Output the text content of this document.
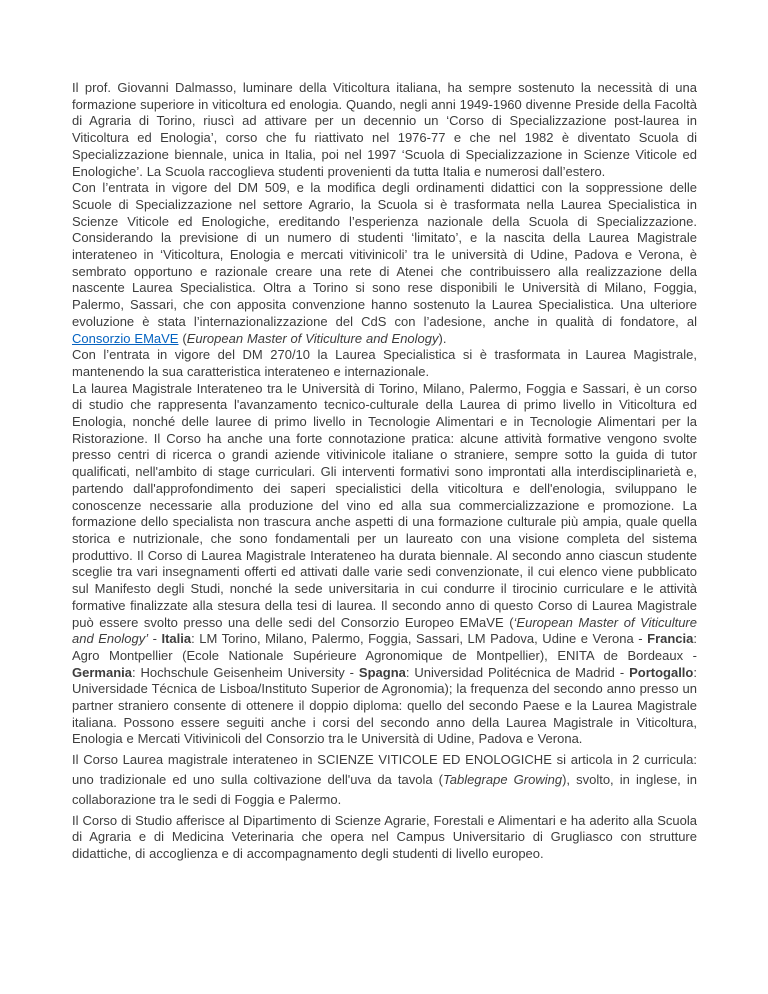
Il prof. Giovanni Dalmasso, luminare della Viticoltura italiana, ha sempre sostenuto la necessità di una formazione superiore in viticoltura ed enologia. Quando, negli anni 1949-1960 divenne Preside della Facoltà di Agraria di Torino, riuscì ad attivare per un decennio un ‘Corso di Specializzazione post-laurea in Viticoltura ed Enologia’, corso che fu riattivato nel 1976-77 e che nel 1982 è diventato Scuola di Specializzazione biennale, unica in Italia, poi nel 1997 ‘Scuola di Specializzazione in Scienze Viticole ed Enologiche’. La Scuola raccoglieva studenti provenienti da tutta Italia e numerosi dall’estero.

Con l’entrata in vigore del DM 509, e la modifica degli ordinamenti didattici con la soppressione delle Scuole di Specializzazione nel settore Agrario, la Scuola si è trasformata nella Laurea Specialistica in Scienze Viticole ed Enologiche, ereditando l’esperienza nazionale della Scuola di Specializzazione. Considerando la previsione di un numero di studenti ‘limitato’, e la nascita della Laurea Magistrale interateneo in ‘Viticoltura, Enologia e mercati vitivinicoli’ tra le università di Udine, Padova e Verona, è sembrato opportuno e razionale creare una rete di Atenei che contribuissero alla realizzazione della nascente Laurea Specialistica. Oltra a Torino si sono rese disponibili le Università di Milano, Foggia, Palermo, Sassari, che con apposita convenzione hanno sostenuto la Laurea Specialistica. Una ulteriore evoluzione è stata l’internazionalizzazione del CdS con l’adesione, anche in qualità di fondatore, al Consorzio EMaVE (European Master of Viticulture and Enology).

Con l’entrata in vigore del DM 270/10 la Laurea Specialistica si è trasformata in Laurea Magistrale, mantenendo la sua caratteristica interateneo e internazionale.

La laurea Magistrale Interateneo tra le Università di Torino, Milano, Palermo, Foggia e Sassari, è un corso di studio che rappresenta l'avanzamento tecnico-culturale della Laurea di primo livello in Viticoltura ed Enologia, nonché delle lauree di primo livello in Tecnologie Alimentari e in Tecnologie Alimentari per la Ristorazione. Il Corso ha anche una forte connotazione pratica: alcune attività formative vengono svolte presso centri di ricerca o grandi aziende vitivinicole italiane o straniere, sempre sotto la guida di tutor qualificati, nell'ambito di stage curriculari. Gli interventi formativi sono improntati alla interdisciplinarietà e, partendo dall'approfondimento dei saperi specialistici della viticoltura e dell'enologia, sviluppano le conoscenze necessarie alla produzione del vino ed alla sua commercializzazione e promozione. La formazione dello specialista non trascura anche aspetti di una formazione culturale più ampia, quale quella storica e nutrizionale, che sono fondamentali per un laureato con una visione completa del sistema produttivo. Il Corso di Laurea Magistrale Interateneo ha durata biennale. Al secondo anno ciascun studente sceglie tra vari insegnamenti offerti ed attivati dalle varie sedi convenzionate, il cui elenco viene pubblicato sul Manifesto degli Studi, nonché la sede universitaria in cui condurre il tirocinio curriculare e le attività formative finalizzate alla stesura della tesi di laurea. Il secondo anno di questo Corso di Laurea Magistrale può essere svolto presso una delle sedi del Consorzio Europeo EMaVE (‘European Master of Viticulture and Enology’ - Italia: LM Torino, Milano, Palermo, Foggia, Sassari, LM Padova, Udine e Verona - Francia: Agro Montpellier (Ecole Nationale Supérieure Agronomique de Montpellier), ENITA de Bordeaux - Germania: Hochschule Geisenheim University - Spagna: Universidad Politécnica de Madrid - Portogallo: Universidade Técnica de Lisboa/Instituto Superior de Agronomia); la frequenza del secondo anno presso un partner straniero consente di ottenere il doppio diploma: quello del secondo Paese e la Laurea Magistrale italiana. Possono essere seguiti anche i corsi del secondo anno della Laurea Magistrale in Viticoltura, Enologia e Mercati Vitivinicoli del Consorzio tra le Università di Udine, Padova e Verona.

Il Corso Laurea magistrale interateneo in SCIENZE VITICOLE ED ENOLOGICHE si articola in 2 curricula: uno tradizionale ed uno sulla coltivazione dell'uva da tavola (Tablegrape Growing), svolto, in inglese, in collaborazione tra le sedi di Foggia e Palermo.

Il Corso di Studio afferisce al Dipartimento di Scienze Agrarie, Forestali e Alimentari e ha aderito alla Scuola di Agraria e di Medicina Veterinaria che opera nel Campus Universitario di Grugliasco con strutture didattiche, di accoglienza e di accompagnamento degli studenti di livello europeo.
